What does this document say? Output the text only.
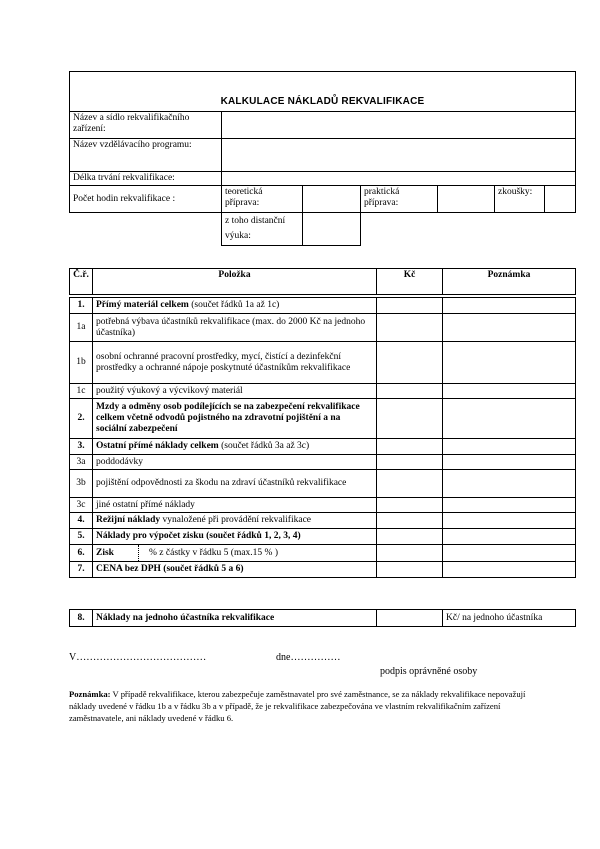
KALKULACE NÁKLADŮ REKVALIFIKACE						
Název a sídlo rekvalifikačního zařízení:						
Název vzdělávacího programu:						
Délka trvání rekvalifikace:						
Počet hodin rekvalifikace :	teoretická příprava:		praktická příprava:		zkoušky:	
	z toho distanční výuka:					
Č.ř.	Položka	Kč	Poznámka

1.	Přímý materiál celkem (součet řádků 1a až 1c)		
1a	potřebná výbava účastníků rekvalifikace (max. do 2000 Kč na jednoho účastníka)		
1b	osobní ochranné pracovní prostředky, mycí, čistící a dezinfekční prostředky a ochranné nápoje poskytnuté účastníkům rekvalifikace		
1c	použitý výukový a výcvikový materiál		
2.	Mzdy a odměny osob podílejících se na zabezpečení rekvalifikace celkem včetně odvodů pojistného na zdravotní pojištění a na sociální zabezpečení		
3.	Ostatní přímé náklady celkem (součet řádků 3a až 3c)		
3a	poddodávky		
3b	pojištění odpovědnosti za škodu na zdraví účastníků rekvalifikace		
3c	jiné ostatní přímé náklady		
4.	Režijní náklady vynaložené při provádění rekvalifikace		
5.	Náklady pro výpočet zisku (součet řádků 1, 2, 3, 4)		
6.	Zisk % z částky v řádku 5 (max.15 % )		

7.	CENA bez DPH (součet řádků 5 a 6)		
8.	Náklady na jednoho účastníka rekvalifikace		Kč/ na jednoho účastníka
V…………………………………	dne……………
podpis oprávněné osoby
Poznámka: V případě rekvalifikace, kterou zabezpečuje zaměstnavatel pro své zaměstnance, se za náklady rekvalifikace nepovažují náklady uvedené v řádku 1b a v řádku 3b a v případě, že je rekvalifikace zabezpečována ve vlastním rekvalifikačním zařízení zaměstnavatele, ani náklady uvedené v řádku 6.
